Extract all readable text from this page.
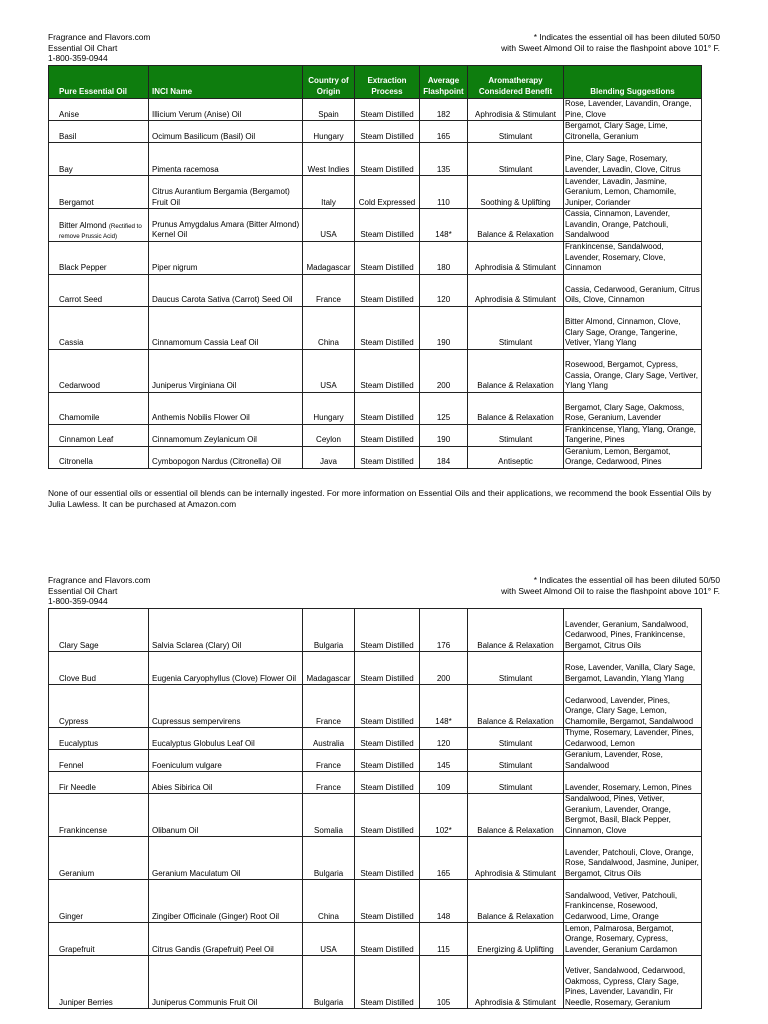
Fragrance and Flavors.com
Essential Oil Chart
1-800-359-0944
* Indicates the essential oil has been diluted 50/50
with Sweet Almond Oil to raise the flashpoint above 101° F.
Pure Essential Oil	INCI Name	Country of Origin	Extraction Process	Average Flashpoint	Aromatherapy Considered Benefit	Blending Suggestions
Anise	Illicium Verum (Anise) Oil	Spain	Steam Distilled	182	Aphrodisia & Stimulant	Rose, Lavender, Lavandin, Orange, Pine, Clove
Basil	Ocimum Basilicum (Basil) Oil	Hungary	Steam Distilled	165	Stimulant	Bergamot, Clary Sage, Lime, Citronella, Geranium
Bay	Pimenta racemosa	West Indies	Steam Distilled	135	Stimulant	Pine, Clary Sage, Rosemary, Lavender, Lavadin, Clove, Citrus
Bergamot	Citrus Aurantium Bergamia (Bergamot) Fruit Oil	Italy	Cold Expressed	110	Soothing & Uplifting	Lavender, Lavadin, Jasmine, Geranium, Lemon, Chamomile, Juniper, Coriander
Bitter Almond (Rectified to remove Prussic Acid)	Prunus Amygdalus Amara (Bitter Almond) Kernel Oil	USA	Steam Distilled	148*	Balance & Relaxation	Cassia, Cinnamon, Lavender, Lavandin, Orange, Patchouli, Sandalwood
Black Pepper	Piper nigrum	Madagascar	Steam Distilled	180	Aphrodisia & Stimulant	Frankincense, Sandalwood, Lavender, Rosemary, Clove, Cinnamon
Carrot Seed	Daucus Carota Sativa (Carrot) Seed Oil	France	Steam Distilled	120	Aphrodisia & Stimulant	Cassia, Cedarwood, Geranium, Citrus Oils, Clove, Cinnamon
Cassia	Cinnamomum Cassia Leaf Oil	China	Steam Distilled	190	Stimulant	Bitter Almond, Cinnamon, Clove, Clary Sage, Orange, Tangerine, Vetiver, Ylang Ylang
Cedarwood	Juniperus Virginiana Oil	USA	Steam Distilled	200	Balance & Relaxation	Rosewood, Bergamot, Cypress, Cassia, Orange, Clary Sage, Vertiver, Ylang Ylang
Chamomile	Anthemis Nobilis Flower Oil	Hungary	Steam Distilled	125	Balance & Relaxation	Bergamot, Clary Sage, Oakmoss, Rose, Geranium, Lavender
Cinnamon Leaf	Cinnamomum Zeylanicum Oil	Ceylon	Steam Distilled	190	Stimulant	Frankincense, Ylang, Ylang, Orange, Tangerine, Pines
Citronella	Cymbopogon Nardus (Citronella) Oil	Java	Steam Distilled	184	Antiseptic	Geranium, Lemon, Bergamot, Orange, Cedarwood, Pines
None of our essential oils or essential oil blends can be internally ingested. For more information on Essential Oils and their applications, we recommend the book Essential Oils by Julia Lawless. It can be purchased at Amazon.com
Fragrance and Flavors.com
Essential Oil Chart
1-800-359-0944
* Indicates the essential oil has been diluted 50/50
with Sweet Almond Oil to raise the flashpoint above 101° F.
Clary Sage	Salvia Sclarea (Clary) Oil	Bulgaria	Steam Distilled	176	Balance & Relaxation	Lavender, Geranium, Sandalwood, Cedarwood, Pines, Frankincense, Bergamot, Citrus Oils
Clove Bud	Eugenia Caryophyllus (Clove) Flower Oil	Madagascar	Steam Distilled	200	Stimulant	Rose, Lavender, Vanilla, Clary Sage, Bergamot, Lavandin, Ylang Ylang
Cypress	Cupressus sempervirens	France	Steam Distilled	148*	Balance & Relaxation	Cedarwood, Lavender, Pines, Orange, Clary Sage, Lemon, Chamomile, Bergamot, Sandalwood
Eucalyptus	Eucalyptus Globulus Leaf Oil	Australia	Steam Distilled	120	Stimulant	Thyme, Rosemary, Lavender, Pines, Cedarwood, Lemon
Fennel	Foeniculum vulgare	France	Steam Distilled	145	Stimulant	Geranium, Lavender, Rose, Sandalwood
Fir Needle	Abies Sibirica Oil	France	Steam Distilled	109	Stimulant	Lavender, Rosemary, Lemon, Pines
Frankincense	Olibanum Oil	Somalia	Steam Distilled	102*	Balance & Relaxation	Sandalwood, Pines, Vetiver, Geranium, Lavender, Orange, Bergmot, Basil, Black Pepper, Cinnamon, Clove
Geranium	Geranium Maculatum Oil	Bulgaria	Steam Distilled	165	Aphrodisia & Stimulant	Lavender, Patchouli, Clove, Orange, Rose, Sandalwood, Jasmine, Juniper, Bergamot, Citrus Oils
Ginger	Zingiber Officinale (Ginger) Root Oil	China	Steam Distilled	148	Balance & Relaxation	Sandalwood, Vetiver, Patchouli, Frankincense, Rosewood, Cedarwood, Lime, Orange
Grapefruit	Citrus Gandis (Grapefruit) Peel Oil	USA	Steam Distilled	115	Energizing & Uplifting	Lemon, Palmarosa, Bergamot, Orange, Rosemary, Cypress, Lavender, Geranium Cardamon
Juniper Berries	Juniperus Communis Fruit Oil	Bulgaria	Steam Distilled	105	Aphrodisia & Stimulant	Vetiver, Sandalwood, Cedarwood, Oakmoss, Cypress, Clary Sage, Pines, Lavender, Lavandin, Fir Needle, Rosemary, Geranium
